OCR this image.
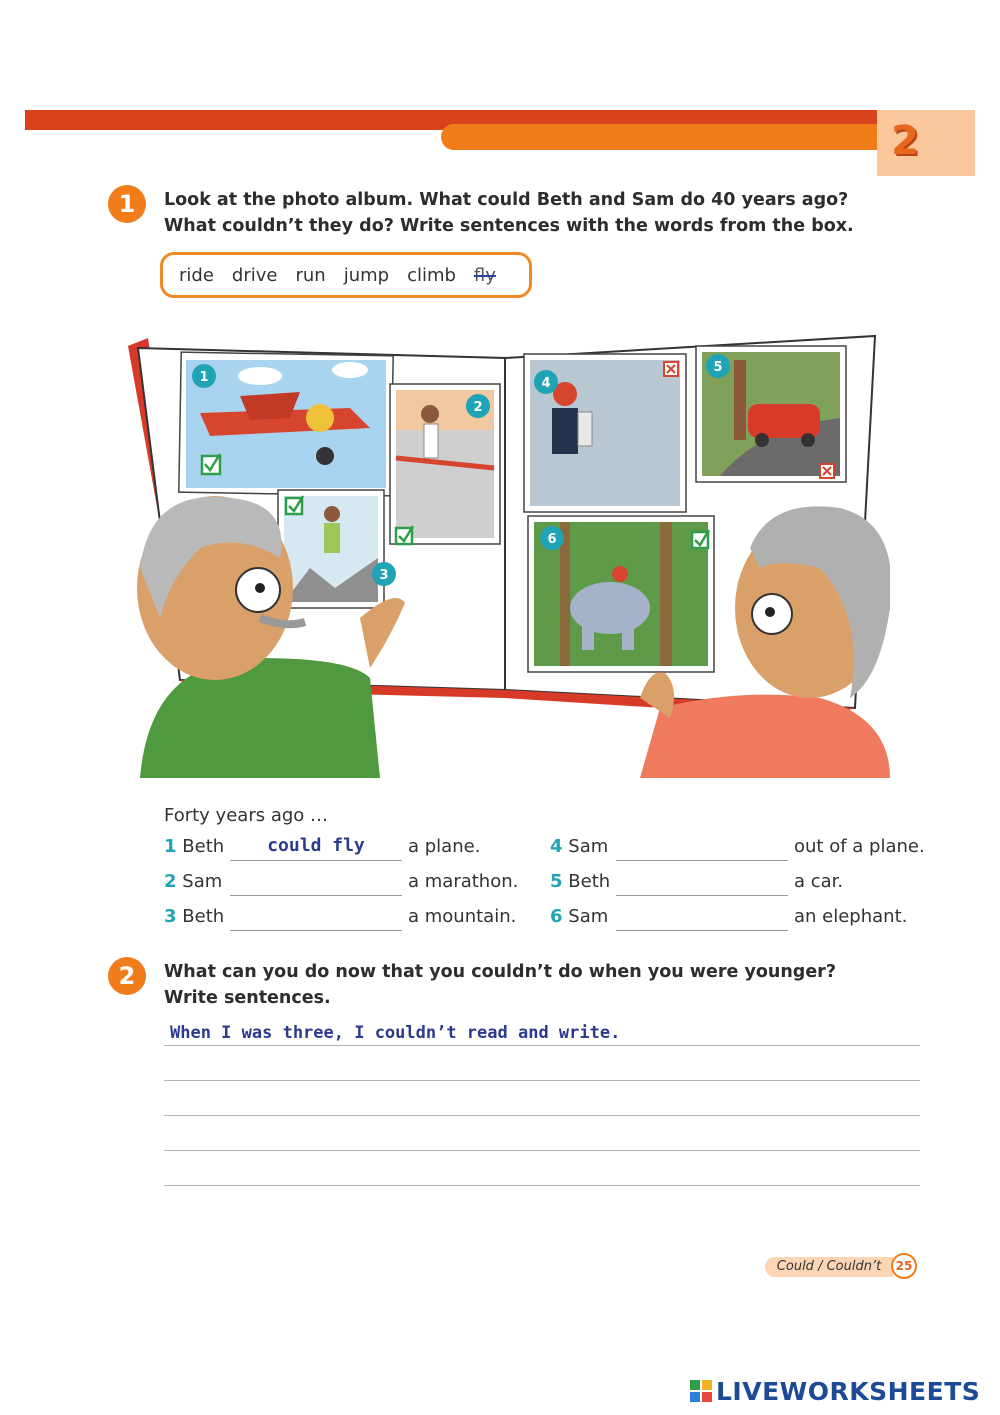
2
1	Look at the photo album. What could Beth and Sam do 40 years ago?
What couldn’t they do? Write sentences with the words from the box.
ride drive run jump climb fly
1
2
3
4
5
6
Forty years ago …
1 Beth	could fly	a plane.
2 Sam	a marathon.
3 Beth	a mountain.
4 Sam	out of a plane.
5 Beth	a car.
6 Sam	an elephant.
2	What can you do now that you couldn’t do when you were younger?
Write sentences.
When I was three, I couldn’t read and write.
Could / Couldn’t	25
LIVEWORKSHEETS
